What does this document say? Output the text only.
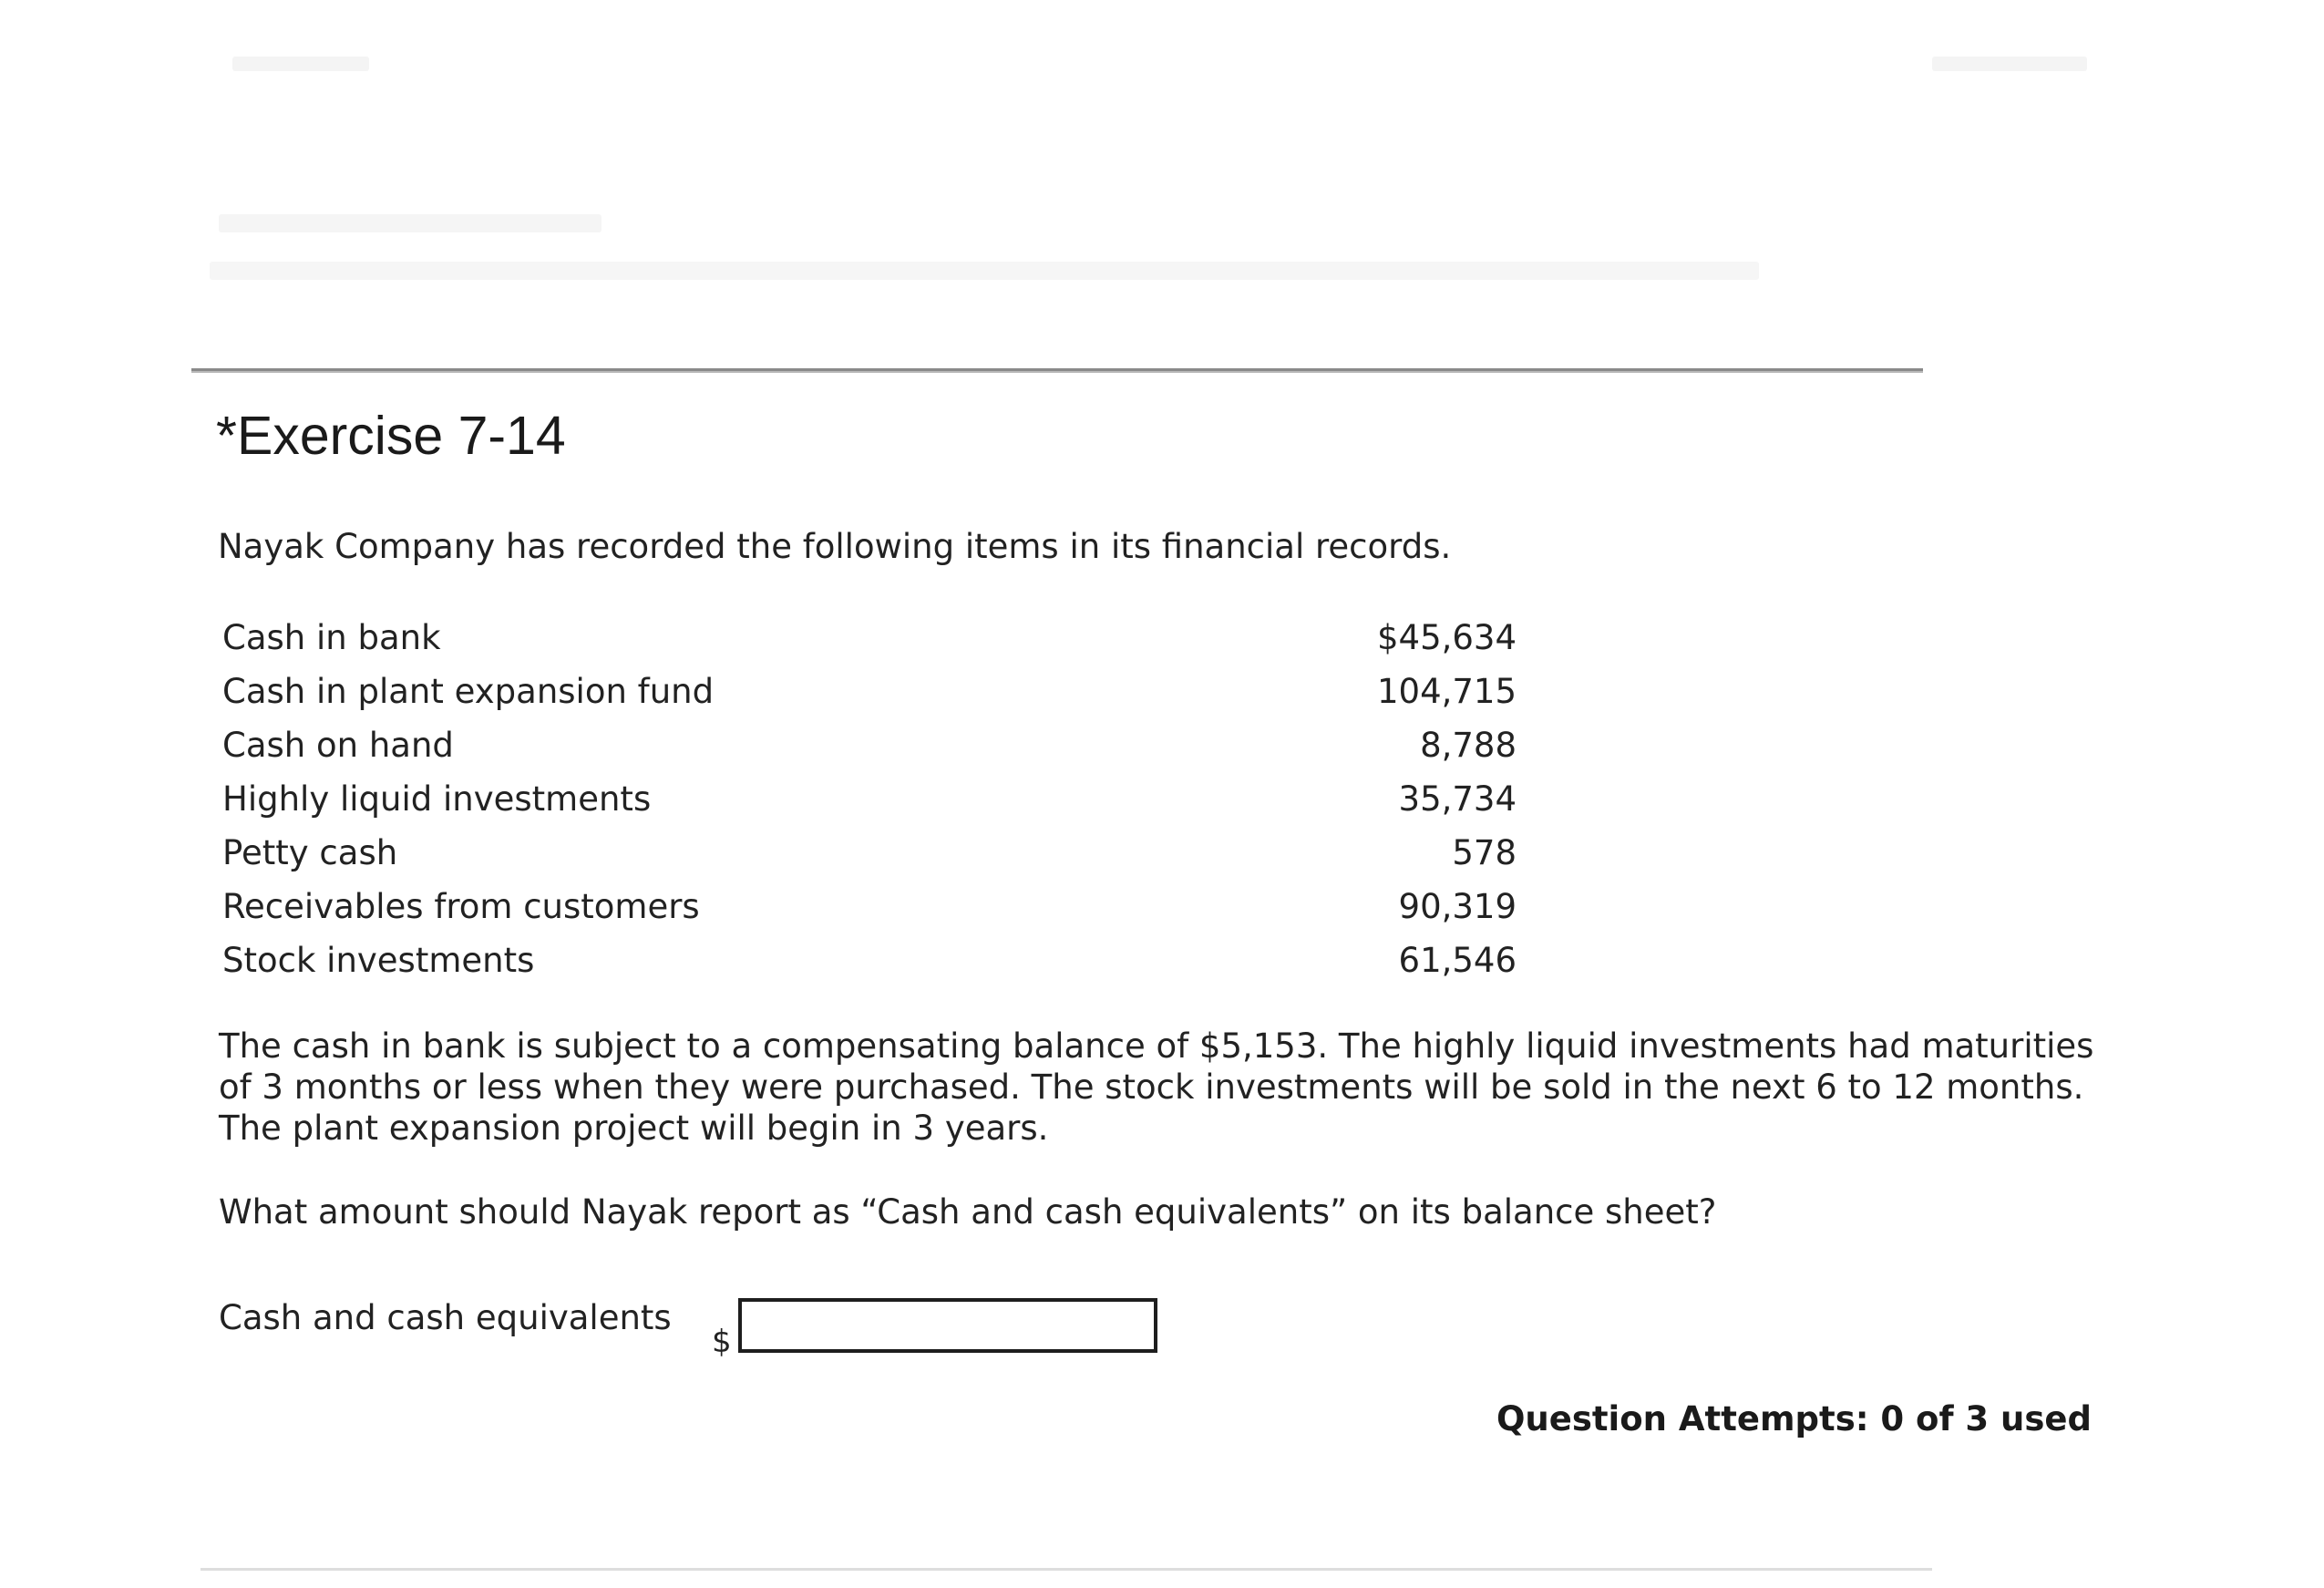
*Exercise 7-14

Nayak Company has recorded the following items in its financial records.

Cash in bank	$45,634
Cash in plant expansion fund	104,715
Cash on hand	8,788
Highly liquid investments	35,734
Petty cash	578
Receivables from customers	90,319
Stock investments	61,546

The cash in bank is subject to a compensating balance of $5,153. The highly liquid investments had maturities of 3 months or less when they were purchased. The stock investments will be sold in the next 6 to 12 months. The plant expansion project will begin in 3 years.

What amount should Nayak report as “Cash and cash equivalents” on its balance sheet?

Cash and cash equivalents
$

Question Attempts: 0 of 3 used
